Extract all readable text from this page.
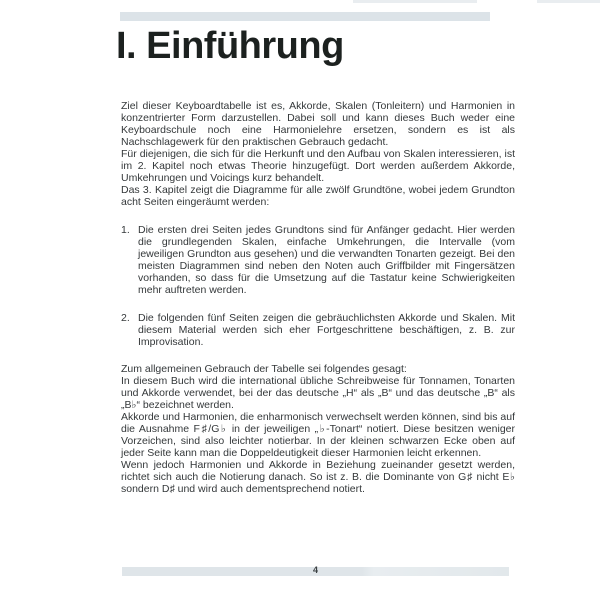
I. Einführung

Ziel dieser Keyboardtabelle ist es, Akkorde, Skalen (Tonleitern) und Harmonien in konzentrierter Form darzustellen. Dabei soll und kann dieses Buch weder eine Keyboardschule noch eine Harmonielehre ersetzen, sondern es ist als Nachschlagewerk für den praktischen Gebrauch gedacht.

Für diejenigen, die sich für die Herkunft und den Aufbau von Skalen interessieren, ist im 2. Kapitel noch etwas Theorie hinzugefügt. Dort werden außerdem Akkorde, Umkehrungen und Voicings kurz behandelt.

Das 3. Kapitel zeigt die Diagramme für alle zwölf Grundtöne, wobei jedem Grundton acht Seiten eingeräumt werden:

1. Die ersten drei Seiten jedes Grundtons sind für Anfänger gedacht. Hier werden die grundlegenden Skalen, einfache Umkehrungen, die Intervalle (vom jeweiligen Grundton aus gesehen) und die verwandten Tonarten gezeigt. Bei den meisten Diagrammen sind neben den Noten auch Griffbilder mit Fingersätzen vorhanden, so dass für die Umsetzung auf die Tastatur keine Schwierigkeiten mehr auftreten werden.
2. Die folgenden fünf Seiten zeigen die gebräuchlichsten Akkorde und Skalen. Mit diesem Material werden sich eher Fortgeschrittene beschäftigen, z. B. zur Improvisation.

Zum allgemeinen Gebrauch der Tabelle sei folgendes gesagt:

In diesem Buch wird die international übliche Schreibweise für Tonnamen, Tonarten und Akkorde verwendet, bei der das deutsche „H“ als „B“ und das deutsche „B“ als „B♭“ bezeichnet werden.

Akkorde und Harmonien, die enharmonisch verwechselt werden können, sind bis auf die Ausnahme F♯/G♭ in der jeweiligen „♭-Tonart“ notiert. Diese besitzen weniger Vorzeichen, sind also leichter notierbar. In der kleinen schwarzen Ecke oben auf jeder Seite kann man die Doppeldeutigkeit dieser Harmonien leicht erkennen.

Wenn jedoch Harmonien und Akkorde in Beziehung zueinander gesetzt werden, richtet sich auch die Notierung danach. So ist z. B. die Dominante von G♯ nicht E♭ sondern D♯ und wird auch dementsprechend notiert.

4
